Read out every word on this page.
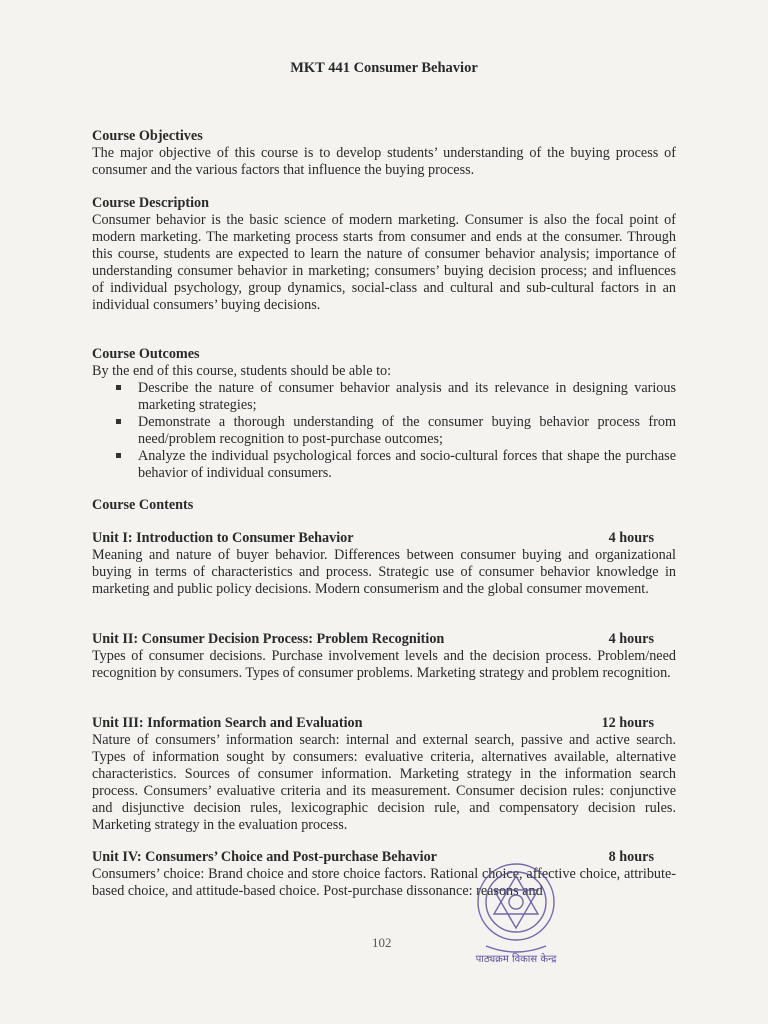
MKT 441 Consumer Behavior
Course Objectives
The major objective of this course is to develop students’ understanding of the buying process of consumer and the various factors that influence the buying process.
Course Description
Consumer behavior is the basic science of modern marketing. Consumer is also the focal point of modern marketing. The marketing process starts from consumer and ends at the consumer. Through this course, students are expected to learn the nature of consumer behavior analysis; importance of understanding consumer behavior in marketing; consumers’ buying decision process; and influences of individual psychology, group dynamics, social-class and cultural and sub-cultural factors in an individual consumers’ buying decisions.
Course Outcomes
By the end of this course, students should be able to:
Describe the nature of consumer behavior analysis and its relevance in designing various marketing strategies;
Demonstrate a thorough understanding of the consumer buying behavior process from need/problem recognition to post-purchase outcomes;
Analyze the individual psychological forces and socio-cultural forces that shape the purchase behavior of individual consumers.
Course Contents
Unit I: Introduction to Consumer Behavior	4 hours
Meaning and nature of buyer behavior. Differences between consumer buying and organizational buying in terms of characteristics and process. Strategic use of consumer behavior knowledge in marketing and public policy decisions. Modern consumerism and the global consumer movement.
Unit II: Consumer Decision Process: Problem Recognition	4 hours
Types of consumer decisions. Purchase involvement levels and the decision process. Problem/need recognition by consumers. Types of consumer problems. Marketing strategy and problem recognition.
Unit III: Information Search and Evaluation	12 hours
Nature of consumers’ information search: internal and external search, passive and active search. Types of information sought by consumers: evaluative criteria, alternatives available, alternative characteristics. Sources of consumer information. Marketing strategy in the information search process. Consumers’ evaluative criteria and its measurement. Consumer decision rules: conjunctive and disjunctive decision rules, lexicographic decision rule, and compensatory decision rules. Marketing strategy in the evaluation process.
Unit IV: Consumers’ Choice and Post-purchase Behavior	8 hours
Consumers’ choice: Brand choice and store choice factors. Rational choice, affective choice, attribute-based choice, and attitude-based choice. Post-purchase dissonance: reasons and
102
पाठ्यक्रम विकास केन्द्र
